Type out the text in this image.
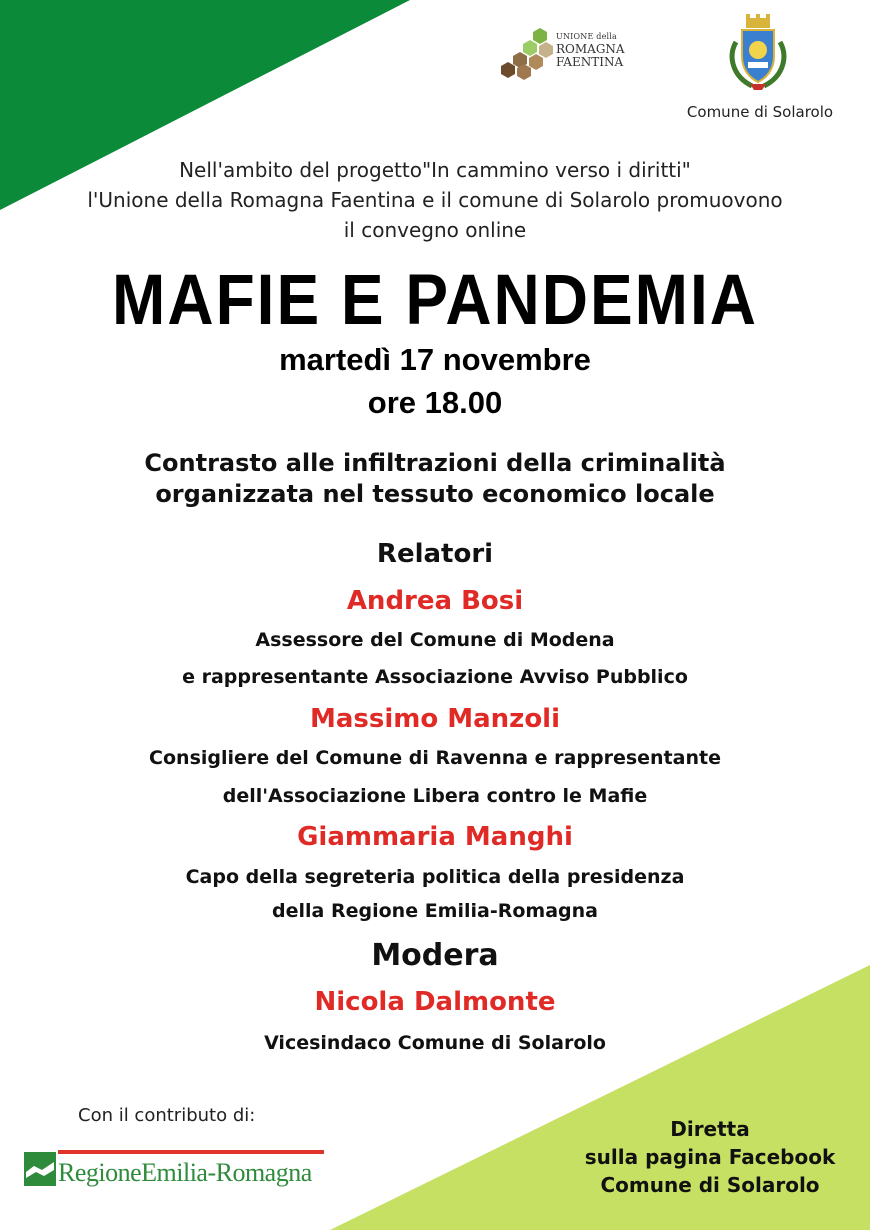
UNIONE della
ROMAGNA
FAENTINA
Comune di Solarolo
Nell'ambito del progetto"In cammino verso i diritti"
l'Unione della Romagna Faentina e il comune di Solarolo promuovono
il convegno online
MAFIE E PANDEMIA
martedì 17 novembre
ore 18.00
Contrasto alle infiltrazioni della criminalità
organizzata nel tessuto economico locale
Relatori
Andrea Bosi
Assessore del Comune di Modena
e rappresentante Associazione Avviso Pubblico
Massimo Manzoli
Consigliere del Comune di Ravenna e rappresentante
dell'Associazione Libera contro le Mafie
Giammaria Manghi
Capo della segreteria politica della presidenza
della Regione Emilia-Romagna
Modera
Nicola Dalmonte
Vicesindaco Comune di Solarolo
Con il contributo di:
RegioneEmilia-Romagna
Diretta
sulla pagina Facebook
Comune di Solarolo
